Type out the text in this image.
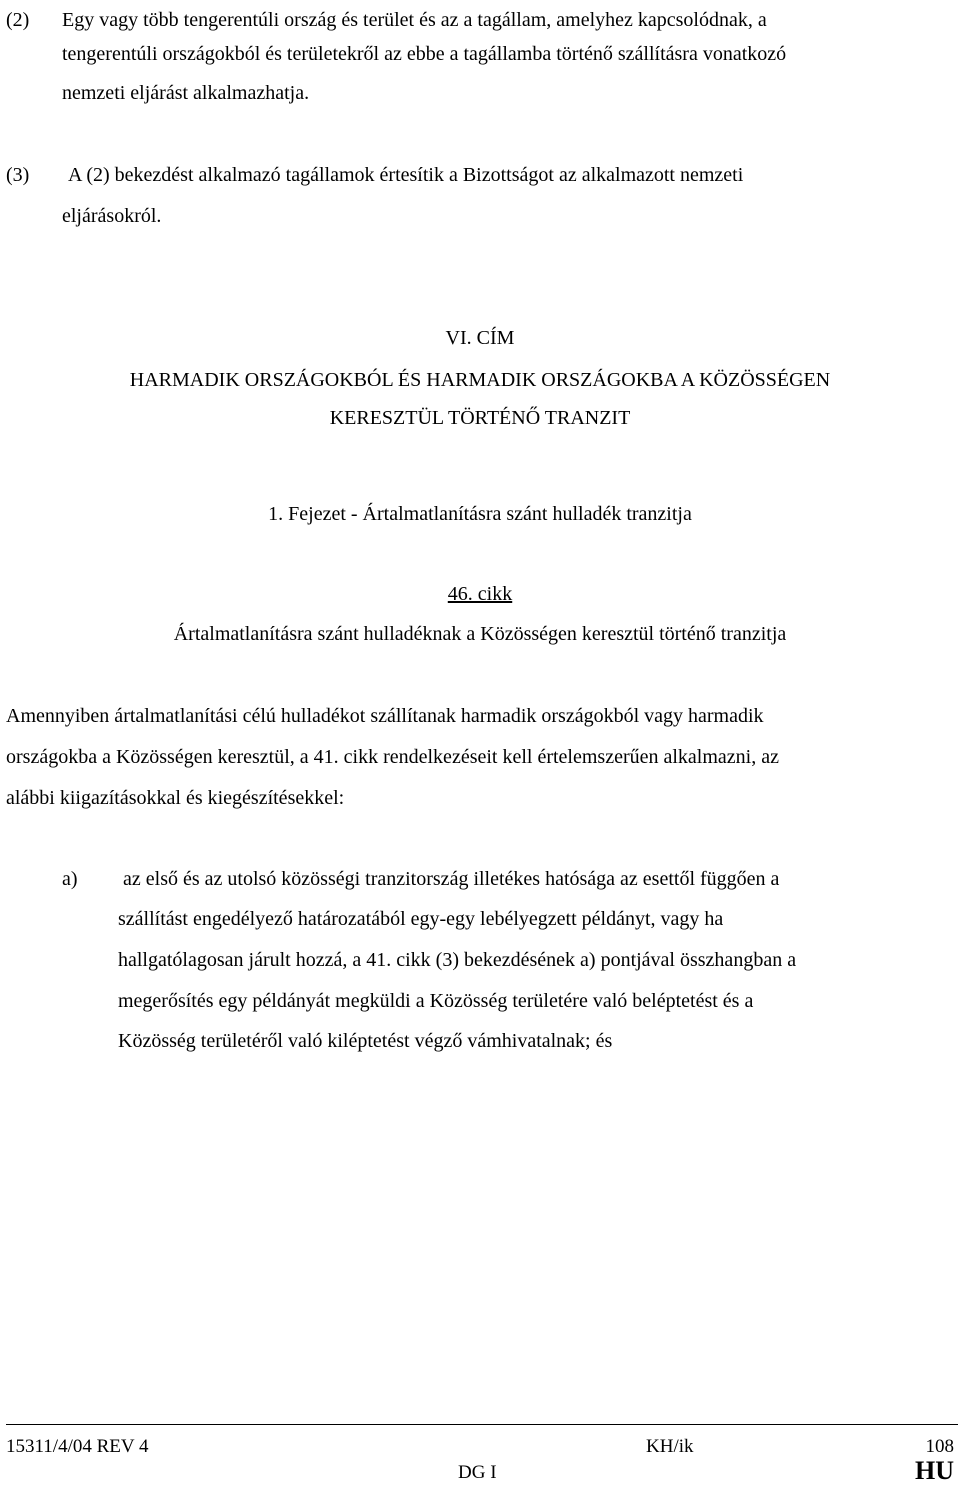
(2) Egy vagy több tengerentúli ország és terület és az a tagállam, amelyhez kapcsolódnak, a
tengerentúli országokból és területekről az ebbe a tagállamba történő szállításra vonatkozó
nemzeti eljárást alkalmazhatja.
(3) A (2) bekezdést alkalmazó tagállamok értesítik a Bizottságot az alkalmazott nemzeti
eljárásokról.
VI. CÍM
HARMADIK ORSZÁGOKBÓL ÉS HARMADIK ORSZÁGOKBA A KÖZÖSSÉGEN
KERESZTÜL TÖRTÉNŐ TRANZIT
1. Fejezet - Ártalmatlanításra szánt hulladék tranzitja
46. cikk
Ártalmatlanításra szánt hulladéknak a Közösségen keresztül történő tranzitja
Amennyiben ártalmatlanítási célú hulladékot szállítanak harmadik országokból vagy harmadik
országokba a Közösségen keresztül, a 41. cikk rendelkezéseit kell értelemszerűen alkalmazni, az
alábbi kiigazításokkal és kiegészítésekkel:
a) az első és az utolsó közösségi tranzitország illetékes hatósága az esettől függően a
szállítást engedélyező határozatából egy-egy lebélyegzett példányt, vagy ha
hallgatólagosan járult hozzá, a 41. cikk (3) bekezdésének a) pontjával összhangban a
megerősítés egy példányát megküldi a Közösség területére való beléptetést és a
Közösség területéről való kiléptetést végző vámhivatalnak; és
15311/4/04 REV 4	KH/ik	108
DG I	HU
